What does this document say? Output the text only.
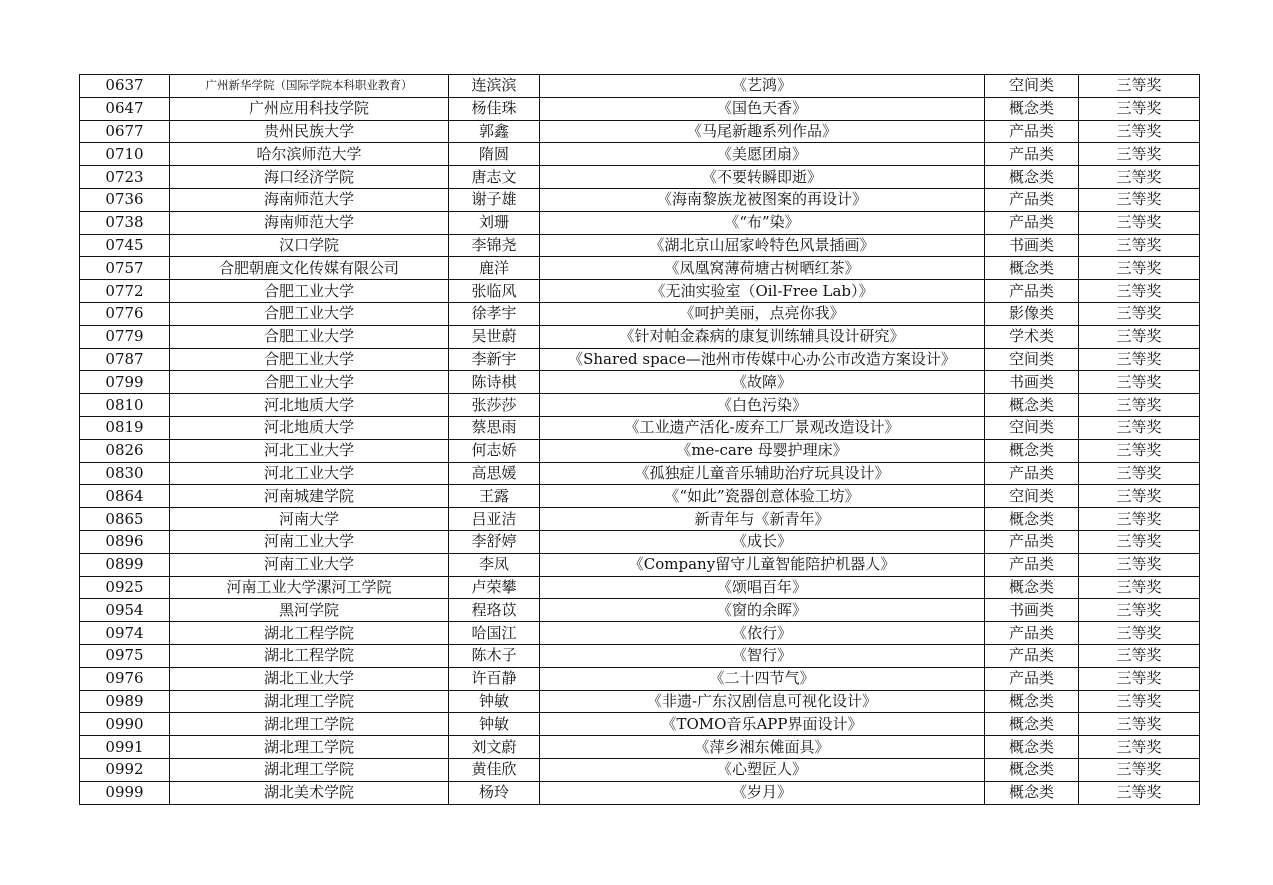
0637	广州新华学院（国际学院本科职业教育）	连滨滨	《艺鸿》	空间类	三等奖
0647	广州应用科技学院	杨佳珠	《国色天香》	概念类	三等奖
0677	贵州民族大学	郭鑫	《马尾新趣系列作品》	产品类	三等奖
0710	哈尔滨师范大学	隋圆	《美愿团扇》	产品类	三等奖
0723	海口经济学院	唐志文	《不要转瞬即逝》	概念类	三等奖
0736	海南师范大学	谢子雄	《海南黎族龙被图案的再设计》	产品类	三等奖
0738	海南师范大学	刘珊	《“布”染》	产品类	三等奖
0745	汉口学院	李锦尧	《湖北京山屈家岭特色风景插画》	书画类	三等奖
0757	合肥朝鹿文化传媒有限公司	鹿洋	《凤凰窝薄荷塘古树晒红茶》	概念类	三等奖
0772	合肥工业大学	张临风	《无油实验室（Oil-Free Lab）》	产品类	三等奖
0776	合肥工业大学	徐孝宇	《呵护美丽，点亮你我》	影像类	三等奖
0779	合肥工业大学	吴世蔚	《针对帕金森病的康复训练辅具设计研究》	学术类	三等奖
0787	合肥工业大学	李新宇	《Shared space—池州市传媒中心办公市改造方案设计》	空间类	三等奖
0799	合肥工业大学	陈诗棋	《故障》	书画类	三等奖
0810	河北地质大学	张莎莎	《白色污染》	概念类	三等奖
0819	河北地质大学	蔡思雨	《工业遗产活化-废弃工厂景观改造设计》	空间类	三等奖
0826	河北工业大学	何志娇	《me-care 母婴护理床》	概念类	三等奖
0830	河北工业大学	高思媛	《孤独症儿童音乐辅助治疗玩具设计》	产品类	三等奖
0864	河南城建学院	王露	《“如此”瓷器创意体验工坊》	空间类	三等奖
0865	河南大学	吕亚洁	新青年与《新青年》	概念类	三等奖
0896	河南工业大学	李舒婷	《成长》	产品类	三等奖
0899	河南工业大学	李凤	《Company留守儿童智能陪护机器人》	产品类	三等奖
0925	河南工业大学漯河工学院	卢荣攀	《颂唱百年》	概念类	三等奖
0954	黑河学院	程珞苡	《窗的余晖》	书画类	三等奖
0974	湖北工程学院	哈国江	《依行》	产品类	三等奖
0975	湖北工程学院	陈木子	《智行》	产品类	三等奖
0976	湖北工业大学	许百静	《二十四节气》	产品类	三等奖
0989	湖北理工学院	钟敏	《非遗-广东汉剧信息可视化设计》	概念类	三等奖
0990	湖北理工学院	钟敏	《TOMO音乐APP界面设计》	概念类	三等奖
0991	湖北理工学院	刘文蔚	《萍乡湘东傩面具》	概念类	三等奖
0992	湖北理工学院	黄佳欣	《心塑匠人》	概念类	三等奖
0999	湖北美术学院	杨玲	《岁月》	概念类	三等奖
